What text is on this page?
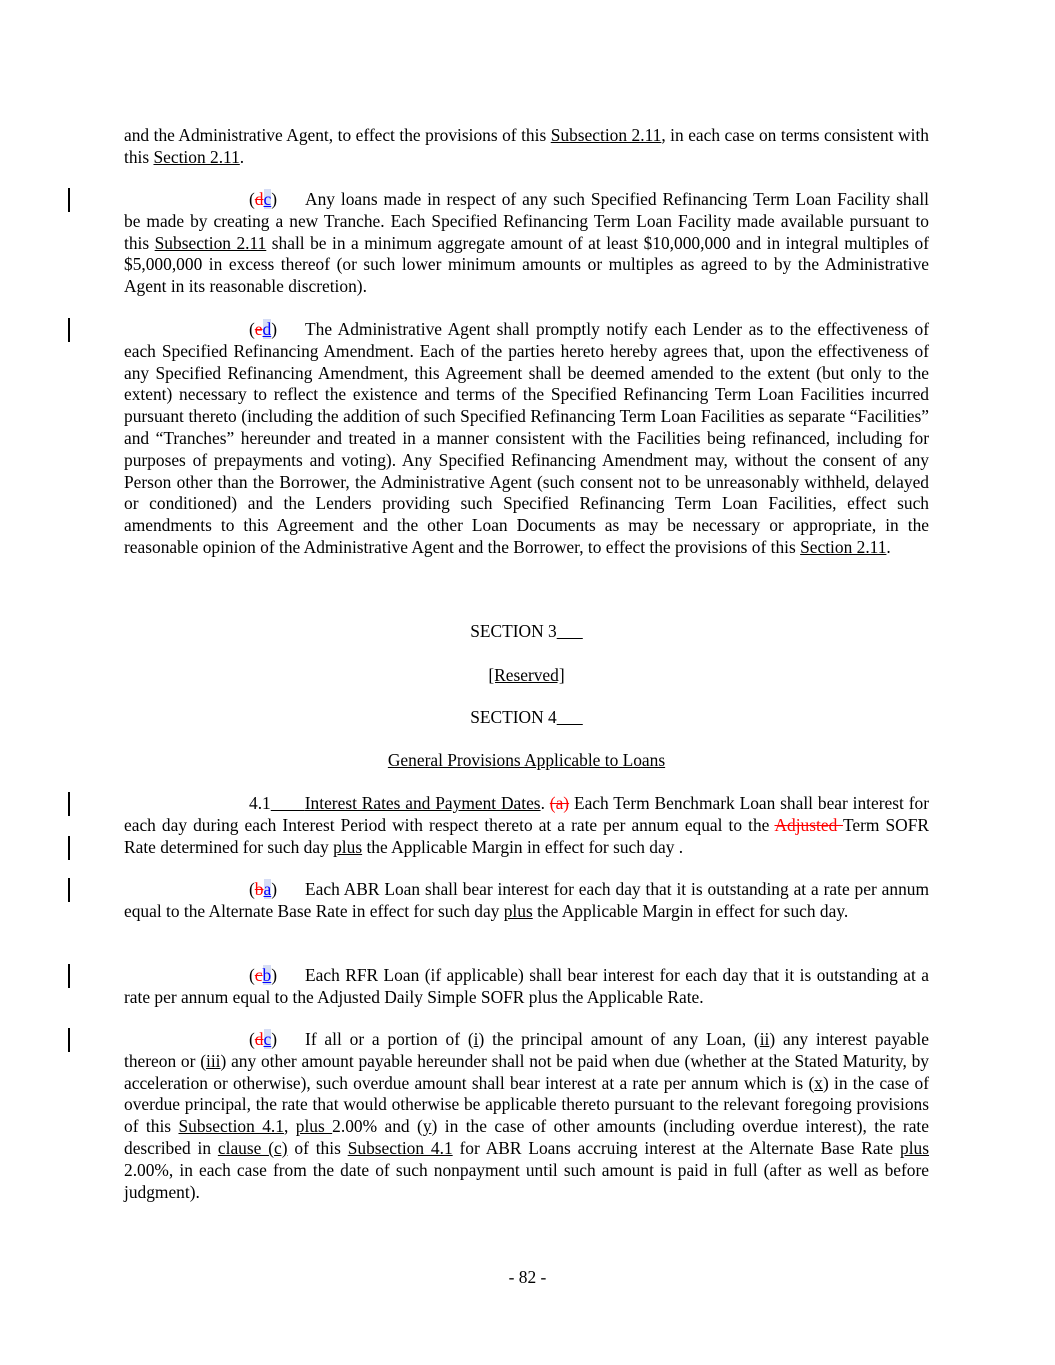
and the Administrative Agent, to effect the provisions of this Subsection 2.11, in each case on terms consistent with this Section 2.11.

(dc) Any loans made in respect of any such Specified Refinancing Term Loan Facility shall be made by creating a new Tranche. Each Specified Refinancing Term Loan Facility made available pursuant to this Subsection 2.11 shall be in a minimum aggregate amount of at least $10,000,000 and in integral multiples of $5,000,000 in excess thereof (or such lower minimum amounts or multiples as agreed to by the Administrative Agent in its reasonable discretion).

(ed) The Administrative Agent shall promptly notify each Lender as to the effectiveness of each Specified Refinancing Amendment. Each of the parties hereto hereby agrees that, upon the effectiveness of any Specified Refinancing Amendment, this Agreement shall be deemed amended to the extent (but only to the extent) necessary to reflect the existence and terms of the Specified Refinancing Term Loan Facilities incurred pursuant thereto (including the addition of such Specified Refinancing Term Loan Facilities as separate “Facilities” and “Tranches” hereunder and treated in a manner consistent with the Facilities being refinanced, including for purposes of prepayments and voting). Any Specified Refinancing Amendment may, without the consent of any Person other than the Borrower, the Administrative Agent (such consent not to be unreasonably withheld, delayed or conditioned) and the Lenders providing such Specified Refinancing Term Loan Facilities, effect such amendments to this Agreement and the other Loan Documents as may be necessary or appropriate, in the reasonable opinion of the Administrative Agent and the Borrower, to effect the provisions of this Section 2.11.

SECTION 3

[Reserved]

SECTION 4

General Provisions Applicable to Loans

4.1 Interest Rates and Payment Dates. (a) Each Term Benchmark Loan shall bear interest for each day during each Interest Period with respect thereto at a rate per annum equal to the Adjusted Term SOFR Rate determined for such day plus the Applicable Margin in effect for such day .

(ba) Each ABR Loan shall bear interest for each day that it is outstanding at a rate per annum equal to the Alternate Base Rate in effect for such day plus the Applicable Margin in effect for such day.

(cb) Each RFR Loan (if applicable) shall bear interest for each day that it is outstanding at a rate per annum equal to the Adjusted Daily Simple SOFR plus the Applicable Rate.

(dc) If all or a portion of (i) the principal amount of any Loan, (ii) any interest payable thereon or (iii) any other amount payable hereunder shall not be paid when due (whether at the Stated Maturity, by acceleration or otherwise), such overdue amount shall bear interest at a rate per annum which is (x) in the case of overdue principal, the rate that would otherwise be applicable thereto pursuant to the relevant foregoing provisions of this Subsection 4.1, plus 2.00% and (y) in the case of other amounts (including overdue interest), the rate described in clause (c) of this Subsection 4.1 for ABR Loans accruing interest at the Alternate Base Rate plus 2.00%, in each case from the date of such nonpayment until such amount is paid in full (after as well as before judgment).

- 82 -
